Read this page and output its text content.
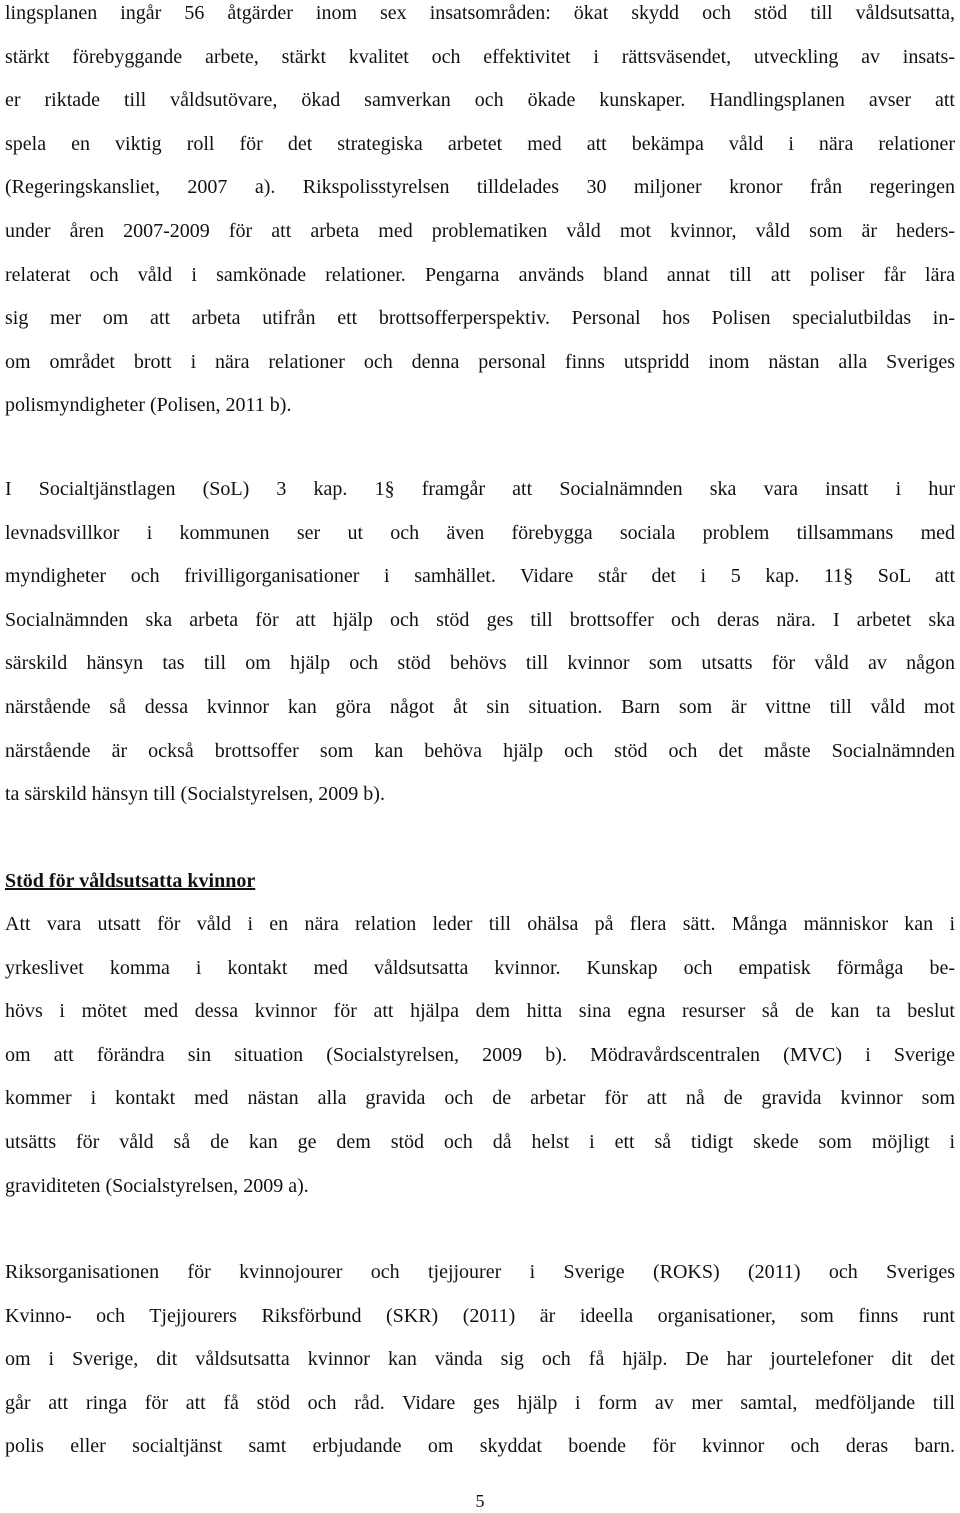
lingsplanen ingår 56 åtgärder inom sex insatsområden: ökat skydd och stöd till våldsutsatta,
stärkt förebyggande arbete, stärkt kvalitet och effektivitet i rättsväsendet, utveckling av insats-
er riktade till våldsutövare, ökad samverkan och ökade kunskaper. Handlingsplanen avser att
spela en viktig roll för det strategiska arbetet med att bekämpa våld i nära relationer
(Regeringskansliet, 2007 a). Rikspolisstyrelsen tilldelades 30 miljoner kronor från regeringen
under åren 2007-2009 för att arbeta med problematiken våld mot kvinnor, våld som är heders-
relaterat och våld i samkönade relationer. Pengarna används bland annat till att poliser får lära
sig mer om att arbeta utifrån ett brottsofferperspektiv. Personal hos Polisen specialutbildas in-
om området brott i nära relationer och denna personal finns utspridd inom nästan alla Sveriges
polismyndigheter (Polisen, 2011 b).
I Socialtjänstlagen (SoL) 3 kap. 1§ framgår att Socialnämnden ska vara insatt i hur
levnadsvillkor i kommunen ser ut och även förebygga sociala problem tillsammans med
myndigheter och frivilligorganisationer i samhället. Vidare står det i 5 kap. 11§ SoL att
Socialnämnden ska arbeta för att hjälp och stöd ges till brottsoffer och deras nära. I arbetet ska
särskild hänsyn tas till om hjälp och stöd behövs till kvinnor som utsatts för våld av någon
närstående så dessa kvinnor kan göra något åt sin situation. Barn som är vittne till våld mot
närstående är också brottsoffer som kan behöva hjälp och stöd och det måste Socialnämnden
ta särskild hänsyn till (Socialstyrelsen, 2009 b).
Stöd för våldsutsatta kvinnor
Att vara utsatt för våld i en nära relation leder till ohälsa på flera sätt. Många människor kan i
yrkeslivet komma i kontakt med våldsutsatta kvinnor. Kunskap och empatisk förmåga be-
hövs i mötet med dessa kvinnor för att hjälpa dem hitta sina egna resurser så de kan ta beslut
om att förändra sin situation (Socialstyrelsen, 2009 b). Mödravårdscentralen (MVC) i Sverige
kommer i kontakt med nästan alla gravida och de arbetar för att nå de gravida kvinnor som
utsätts för våld så de kan ge dem stöd och då helst i ett så tidigt skede som möjligt i
graviditeten (Socialstyrelsen, 2009 a).
Riksorganisationen för kvinnojourer och tjejjourer i Sverige (ROKS) (2011) och Sveriges
Kvinno- och Tjejjourers Riksförbund (SKR) (2011) är ideella organisationer, som finns runt
om i Sverige, dit våldsutsatta kvinnor kan vända sig och få hjälp. De har jourtelefoner dit det
går att ringa för att få stöd och råd. Vidare ges hjälp i form av mer samtal, medföljande till
polis eller socialtjänst samt erbjudande om skyddat boende för kvinnor och deras barn.
5
